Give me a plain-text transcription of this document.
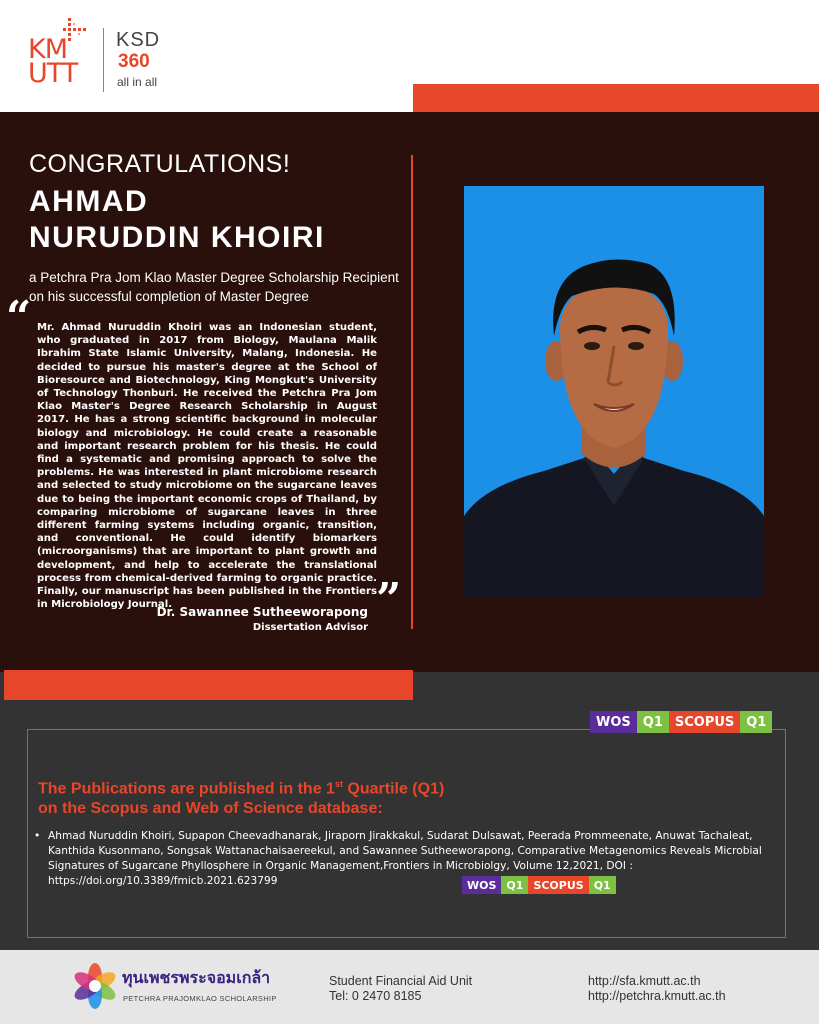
KM
UTT
KSD
360
all in all
CONGRATULATIONS!
AHMAD
NURUDDIN KHOIRI
a Petchra Pra Jom Klao Master Degree Scholarship Recipient on his successful completion of Master Degree
“ Mr. Ahmad Nuruddin Khoiri was an Indonesian student, who graduated in 2017 from Biology, Maulana Malik Ibrahim State Islamic University, Malang, Indonesia. He decided to pursue his master's degree at the School of Bioresource and Biotechnology, King Mongkut's University of Technology Thonburi. He received the Petchra Pra Jom Klao Master's Degree Research Scholarship in August 2017. He has a strong scientific background in molecular biology and microbiology. He could create a reasonable and important research problem for his thesis. He could find a systematic and promising approach to solve the problems. He was interested in plant microbiome research and selected to study microbiome on the sugarcane leaves due to being the important economic crops of Thailand, by comparing microbiome of sugarcane leaves in three different farming systems including organic, transition, and conventional. He could identify biomarkers (microorganisms) that are important to plant growth and development, and help to accelerate the translational process from chemical-derived farming to organic practice. Finally, our manuscript has been published in the Frontiers in Microbiology Journal.	”
Dr. Sawannee Sutheeworapong
Dissertation Advisor
WOS Q1 SCOPUS Q1
The Publications are published in the 1st Quartile (Q1)
on the Scopus and Web of Science database:
• Ahmad Nuruddin Khoiri, Supapon Cheevadhanarak, Jiraporn Jirakkakul, Sudarat Dulsawat, Peerada Prommeenate, Anuwat Tachaleat, Kanthida Kusonmano, Songsak Wattanachaisaereekul, and Sawannee Sutheeworapong, Comparative Metagenomics Reveals Microbial Signatures of Sugarcane Phyllosphere in Organic Management,Frontiers in Microbiolgy, Volume 12,2021, DOI : https://doi.org/10.3389/fmicb.2021.623799	WOS Q1 SCOPUS Q1
ทุนเพชรพระจอมเกล้า
PETCHRA PRAJOMKLAO SCHOLARSHIP
Student Financial Aid Unit
Tel: 0 2470 8185
http://sfa.kmutt.ac.th
http://petchra.kmutt.ac.th
